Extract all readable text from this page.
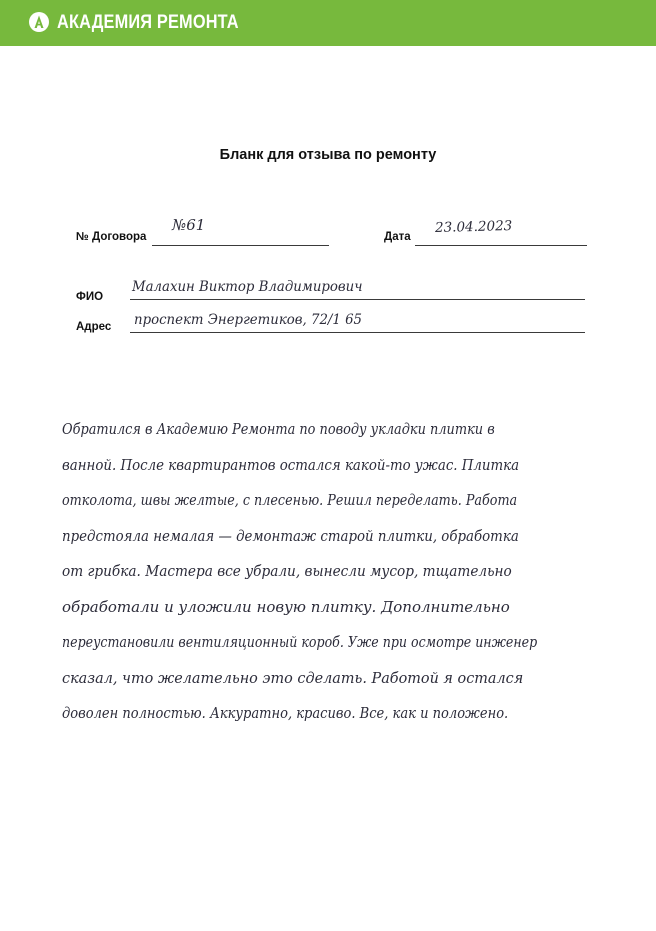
АКАДЕМИЯ РЕМОНТА
Бланк для отзыва по ремонту
№ Договора
№61
Дата
23.04.2023
ФИО
Малахин Виктор Владимирович
Адрес проспект Энергетиков, 72/1 65
Обратился в Академию Ремонта по поводу укладки плитки в
ванной. После квартирантов остался какой-то ужас. Плитка
отколота, швы желтые, с плесенью. Решил переделать. Работа
предстояла немалая — демонтаж старой плитки, обработка
от грибка. Мастера все убрали, вынесли мусор, тщательно
обработали и уложили новую плитку. Дополнительно
переустановили вентиляционный короб. Уже при осмотре инженер
сказал, что желательно это сделать. Работой я остался
доволен полностью. Аккуратно, красиво. Все, как и положено.
